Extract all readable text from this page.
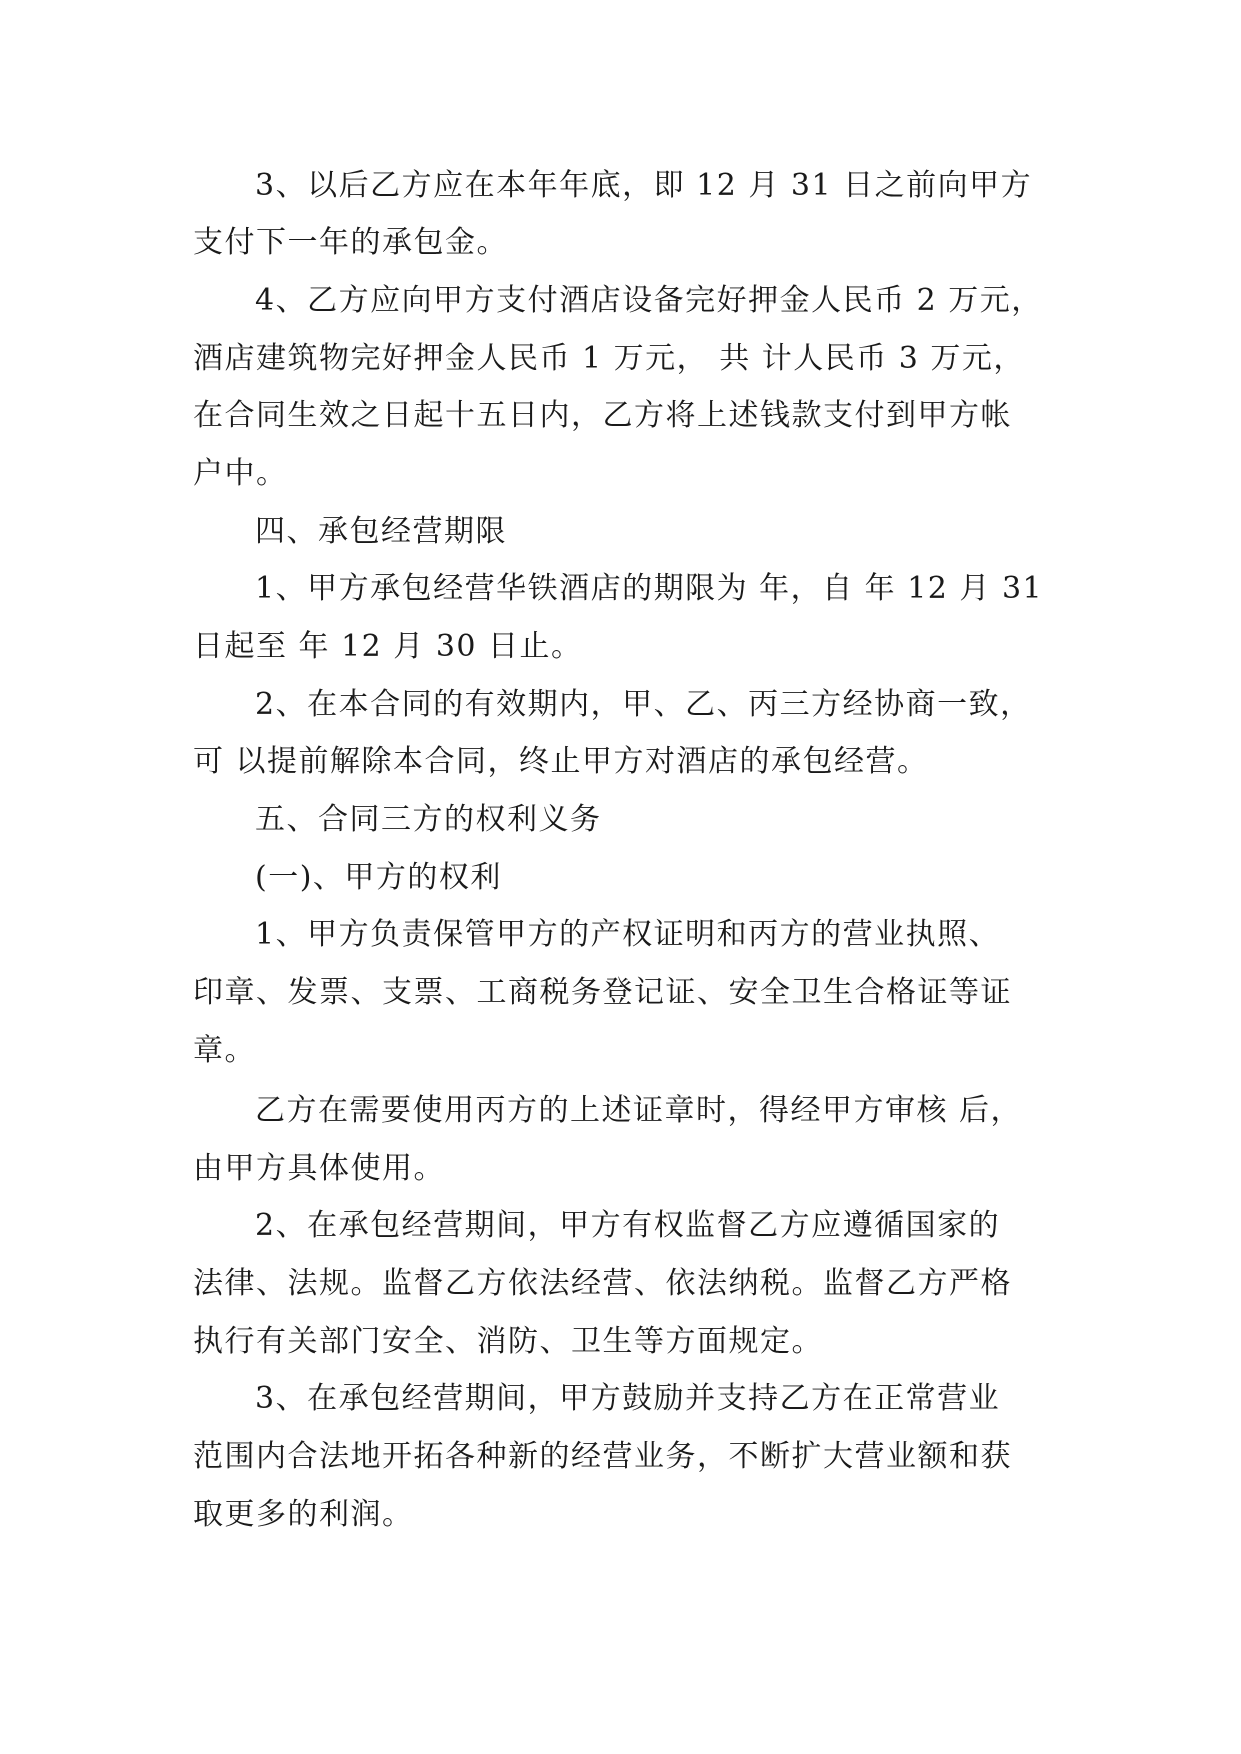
3、以后乙方应在本年年底，即 12 月 31 日之前向甲方
支付下一年的承包金。
4、乙方应向甲方支付酒店设备完好押金人民币 2 万元，
酒店建筑物完好押金人民币 1 万元， 共 计人民币 3 万元，
在合同生效之日起十五日内，乙方将上述钱款支付到甲方帐
户中。
四、承包经营期限
1、甲方承包经营华铁酒店的期限为 年，自 年 12 月 31
日起至 年 12 月 30 日止。
2、在本合同的有效期内，甲、乙、丙三方经协商一致，
可 以提前解除本合同，终止甲方对酒店的承包经营。
五、合同三方的权利义务
(一)、甲方的权利
1、甲方负责保管甲方的产权证明和丙方的营业执照、
印章、发票、支票、工商税务登记证、安全卫生合格证等证
章。
乙方在需要使用丙方的上述证章时，得经甲方审核 后，
由甲方具体使用。
2、在承包经营期间，甲方有权监督乙方应遵循国家的
法律、法规。监督乙方依法经营、依法纳税。监督乙方严格
执行有关部门安全、消防、卫生等方面规定。
3、在承包经营期间，甲方鼓励并支持乙方在正常营业
范围内合法地开拓各种新的经营业务，不断扩大营业额和获
取更多的利润。
